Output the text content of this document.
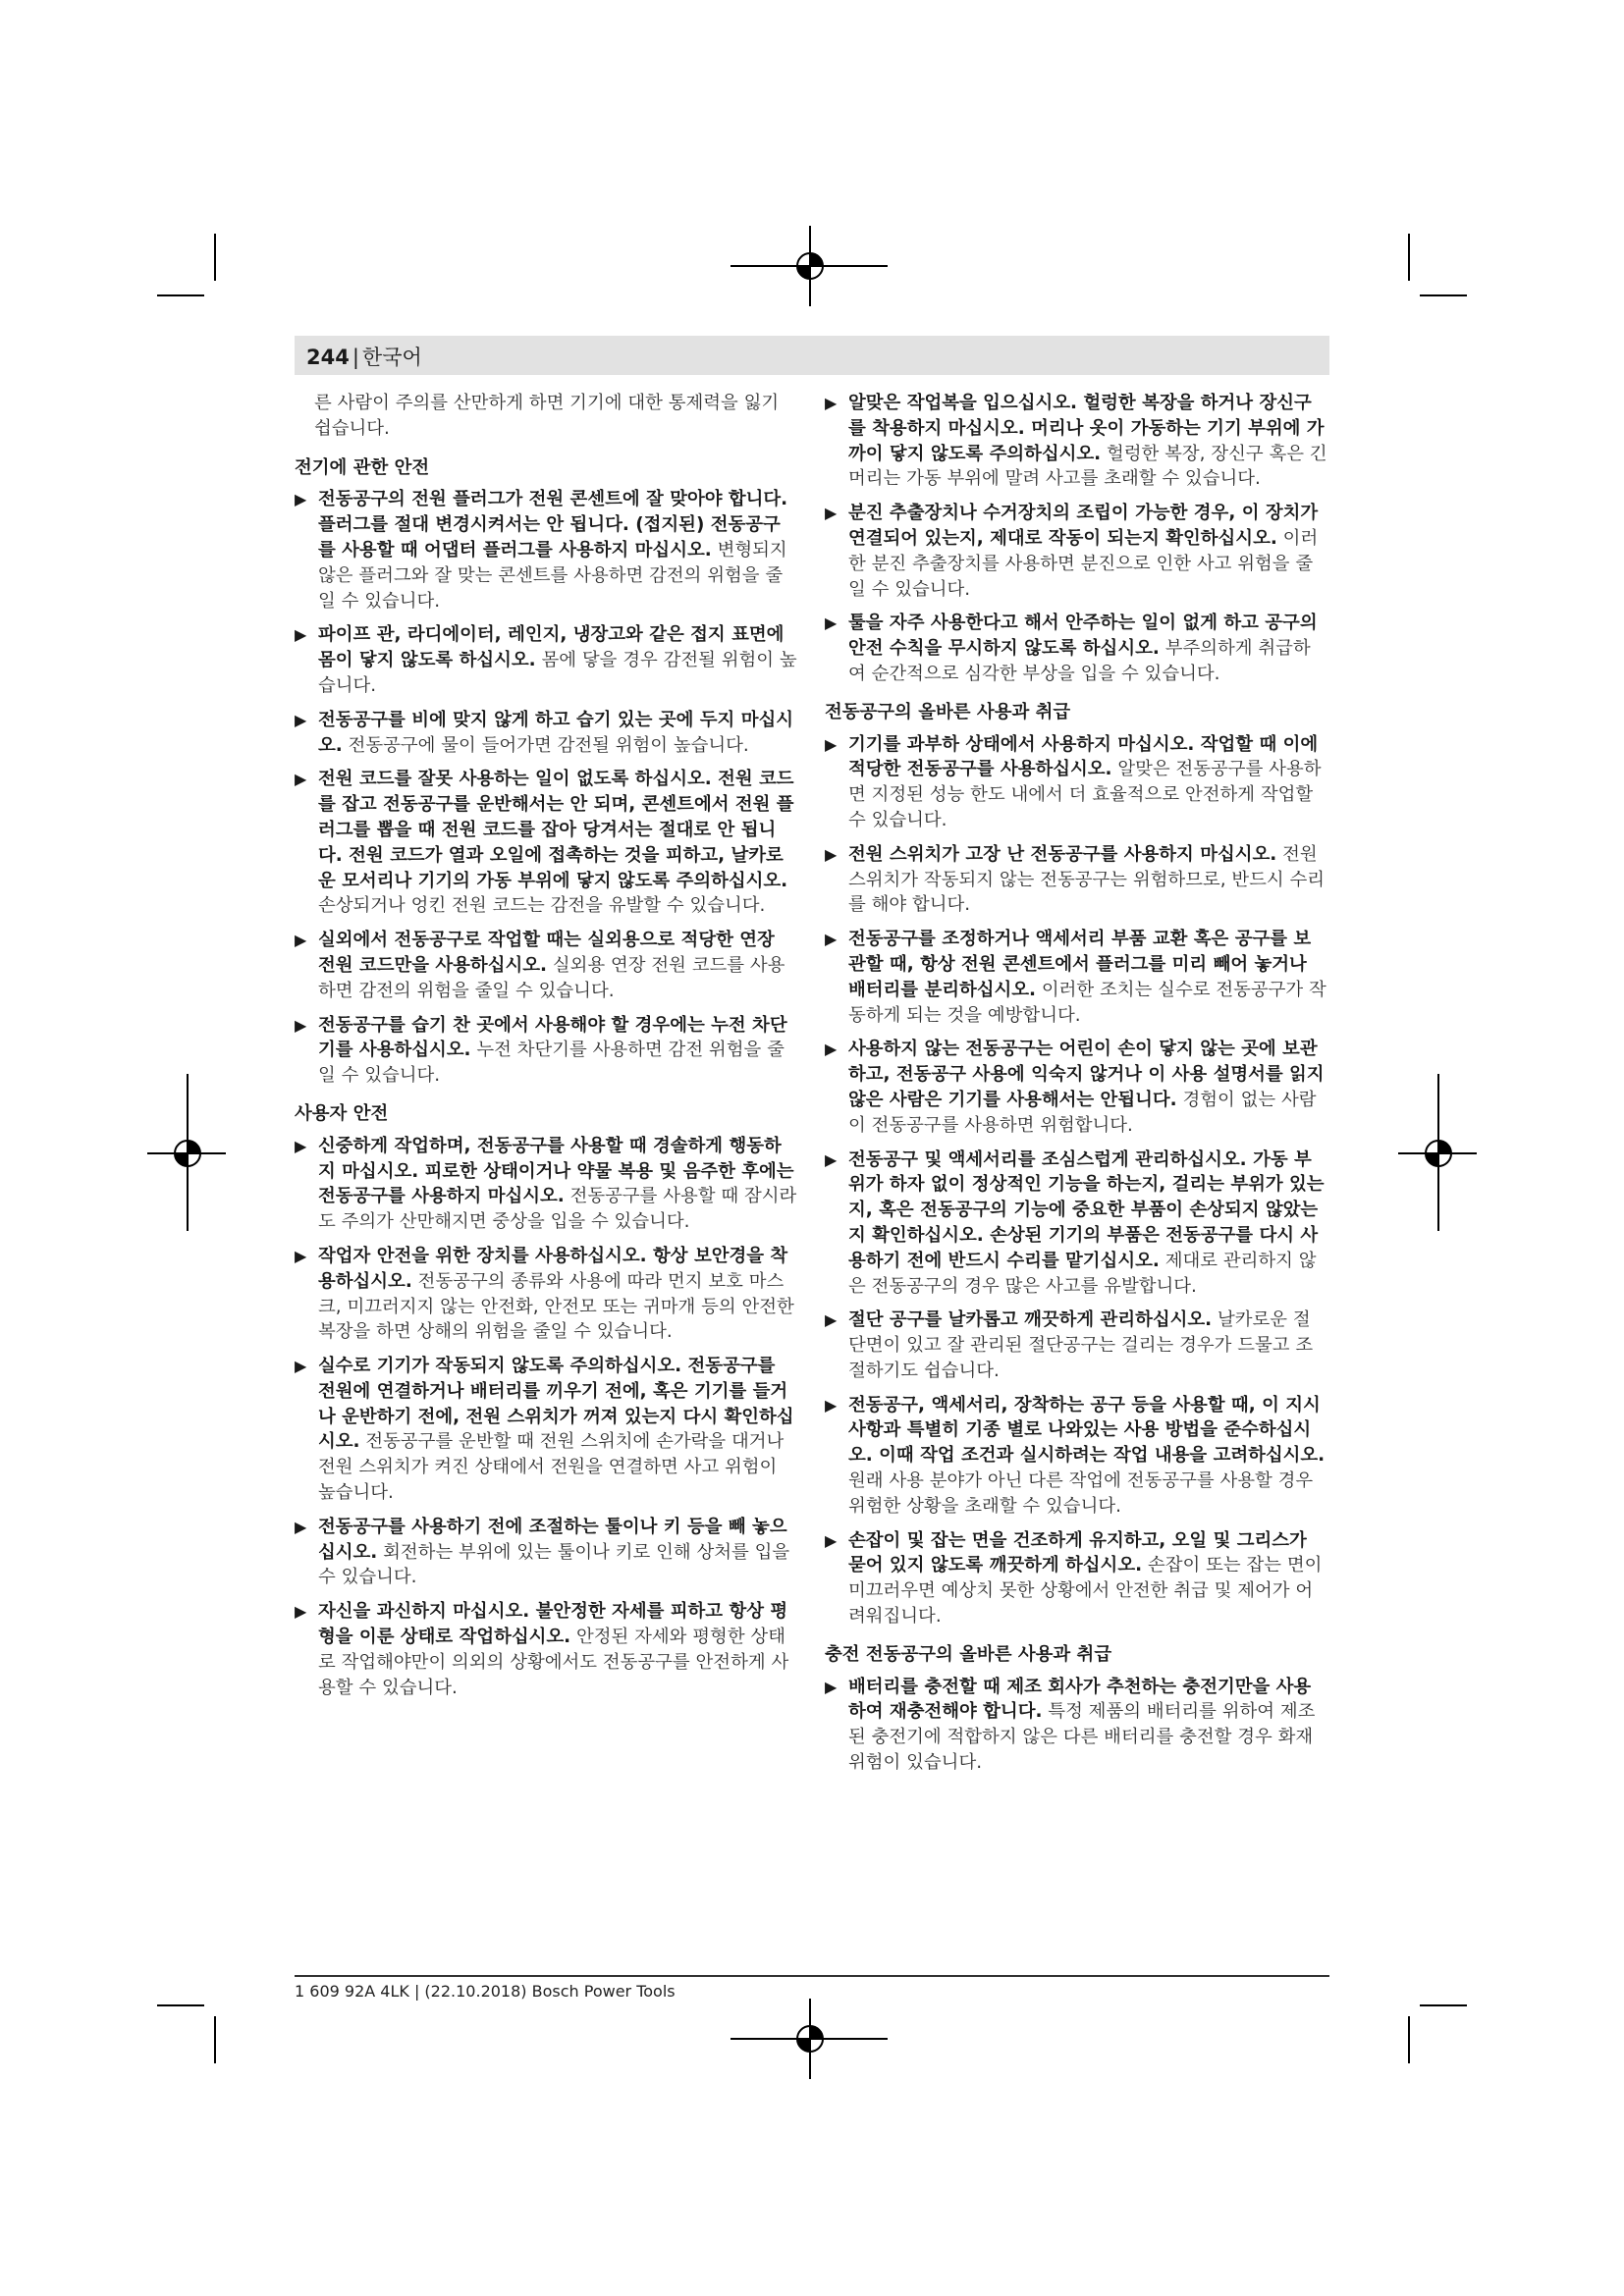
244 | 한국어

른 사람이 주의를 산만하게 하면 기기에 대한 통제력을 잃기 쉽습니다.

전기에 관한 안전
▶ 전동공구의 전원 플러그가 전원 콘센트에 잘 맞아야 합니다. 플러그를 절대 변경시켜서는 안 됩니다. (접지된) 전동공구를 사용할 때 어댑터 플러그를 사용하지 마십시오. 변형되지 않은 플러그와 잘 맞는 콘센트를 사용하면 감전의 위험을 줄일 수 있습니다.
▶ 파이프 관, 라디에이터, 레인지, 냉장고와 같은 접지 표면에 몸이 닿지 않도록 하십시오. 몸에 닿을 경우 감전될 위험이 높습니다.
▶ 전동공구를 비에 맞지 않게 하고 습기 있는 곳에 두지 마십시오. 전동공구에 물이 들어가면 감전될 위험이 높습니다.
▶ 전원 코드를 잘못 사용하는 일이 없도록 하십시오. 전원 코드를 잡고 전동공구를 운반해서는 안 되며, 콘센트에서 전원 플러그를 뽑을 때 전원 코드를 잡아 당겨서는 절대로 안 됩니다. 전원 코드가 열과 오일에 접촉하는 것을 피하고, 날카로운 모서리나 기기의 가동 부위에 닿지 않도록 주의하십시오. 손상되거나 엉킨 전원 코드는 감전을 유발할 수 있습니다.
▶ 실외에서 전동공구로 작업할 때는 실외용으로 적당한 연장 전원 코드만을 사용하십시오. 실외용 연장 전원 코드를 사용하면 감전의 위험을 줄일 수 있습니다.
▶ 전동공구를 습기 찬 곳에서 사용해야 할 경우에는 누전 차단기를 사용하십시오. 누전 차단기를 사용하면 감전 위험을 줄일 수 있습니다.
사용자 안전
▶ 신중하게 작업하며, 전동공구를 사용할 때 경솔하게 행동하지 마십시오. 피로한 상태이거나 약물 복용 및 음주한 후에는 전동공구를 사용하지 마십시오. 전동공구를 사용할 때 잠시라도 주의가 산만해지면 중상을 입을 수 있습니다.
▶ 작업자 안전을 위한 장치를 사용하십시오. 항상 보안경을 착용하십시오. 전동공구의 종류와 사용에 따라 먼지 보호 마스크, 미끄러지지 않는 안전화, 안전모 또는 귀마개 등의 안전한 복장을 하면 상해의 위험을 줄일 수 있습니다.
▶ 실수로 기기가 작동되지 않도록 주의하십시오. 전동공구를 전원에 연결하거나 배터리를 끼우기 전에, 혹은 기기를 들거나 운반하기 전에, 전원 스위치가 꺼져 있는지 다시 확인하십시오. 전동공구를 운반할 때 전원 스위치에 손가락을 대거나 전원 스위치가 켜진 상태에서 전원을 연결하면 사고 위험이 높습니다.
▶ 전동공구를 사용하기 전에 조절하는 툴이나 키 등을 빼 놓으십시오. 회전하는 부위에 있는 툴이나 키로 인해 상처를 입을 수 있습니다.
▶ 자신을 과신하지 마십시오. 불안정한 자세를 피하고 항상 평형을 이룬 상태로 작업하십시오. 안정된 자세와 평형한 상태로 작업해야만이 의외의 상황에서도 전동공구를 안전하게 사용할 수 있습니다.
▶ 알맞은 작업복을 입으십시오. 헐렁한 복장을 하거나 장신구를 착용하지 마십시오. 머리나 옷이 가동하는 기기 부위에 가까이 닿지 않도록 주의하십시오. 헐렁한 복장, 장신구 혹은 긴 머리는 가동 부위에 말려 사고를 초래할 수 있습니다.
▶ 분진 추출장치나 수거장치의 조립이 가능한 경우, 이 장치가 연결되어 있는지, 제대로 작동이 되는지 확인하십시오. 이러한 분진 추출장치를 사용하면 분진으로 인한 사고 위험을 줄일 수 있습니다.
▶ 툴을 자주 사용한다고 해서 안주하는 일이 없게 하고 공구의 안전 수칙을 무시하지 않도록 하십시오. 부주의하게 취급하여 순간적으로 심각한 부상을 입을 수 있습니다.
전동공구의 올바른 사용과 취급
▶ 기기를 과부하 상태에서 사용하지 마십시오. 작업할 때 이에 적당한 전동공구를 사용하십시오. 알맞은 전동공구를 사용하면 지정된 성능 한도 내에서 더 효율적으로 안전하게 작업할 수 있습니다.
▶ 전원 스위치가 고장 난 전동공구를 사용하지 마십시오. 전원 스위치가 작동되지 않는 전동공구는 위험하므로, 반드시 수리를 해야 합니다.
▶ 전동공구를 조정하거나 액세서리 부품 교환 혹은 공구를 보관할 때, 항상 전원 콘센트에서 플러그를 미리 빼어 놓거나 배터리를 분리하십시오. 이러한 조치는 실수로 전동공구가 작동하게 되는 것을 예방합니다.
▶ 사용하지 않는 전동공구는 어린이 손이 닿지 않는 곳에 보관하고, 전동공구 사용에 익숙지 않거나 이 사용 설명서를 읽지 않은 사람은 기기를 사용해서는 안됩니다. 경험이 없는 사람이 전동공구를 사용하면 위험합니다.
▶ 전동공구 및 액세서리를 조심스럽게 관리하십시오. 가동 부위가 하자 없이 정상적인 기능을 하는지, 걸리는 부위가 있는지, 혹은 전동공구의 기능에 중요한 부품이 손상되지 않았는지 확인하십시오. 손상된 기기의 부품은 전동공구를 다시 사용하기 전에 반드시 수리를 맡기십시오. 제대로 관리하지 않은 전동공구의 경우 많은 사고를 유발합니다.
▶ 절단 공구를 날카롭고 깨끗하게 관리하십시오. 날카로운 절단면이 있고 잘 관리된 절단공구는 걸리는 경우가 드물고 조절하기도 쉽습니다.
▶ 전동공구, 액세서리, 장착하는 공구 등을 사용할 때, 이 지시 사항과 특별히 기종 별로 나와있는 사용 방법을 준수하십시오. 이때 작업 조건과 실시하려는 작업 내용을 고려하십시오. 원래 사용 분야가 아닌 다른 작업에 전동공구를 사용할 경우 위험한 상황을 초래할 수 있습니다.
▶ 손잡이 및 잡는 면을 건조하게 유지하고, 오일 및 그리스가 묻어 있지 않도록 깨끗하게 하십시오. 손잡이 또는 잡는 면이 미끄러우면 예상치 못한 상황에서 안전한 취급 및 제어가 어려워집니다.
충전 전동공구의 올바른 사용과 취급
▶ 배터리를 충전할 때 제조 회사가 추천하는 충전기만을 사용하여 재충전해야 합니다. 특정 제품의 배터리를 위하여 제조된 충전기에 적합하지 않은 다른 배터리를 충전할 경우 화재 위험이 있습니다.
1 609 92A 4LK | (22.10.2018) Bosch Power Tools
